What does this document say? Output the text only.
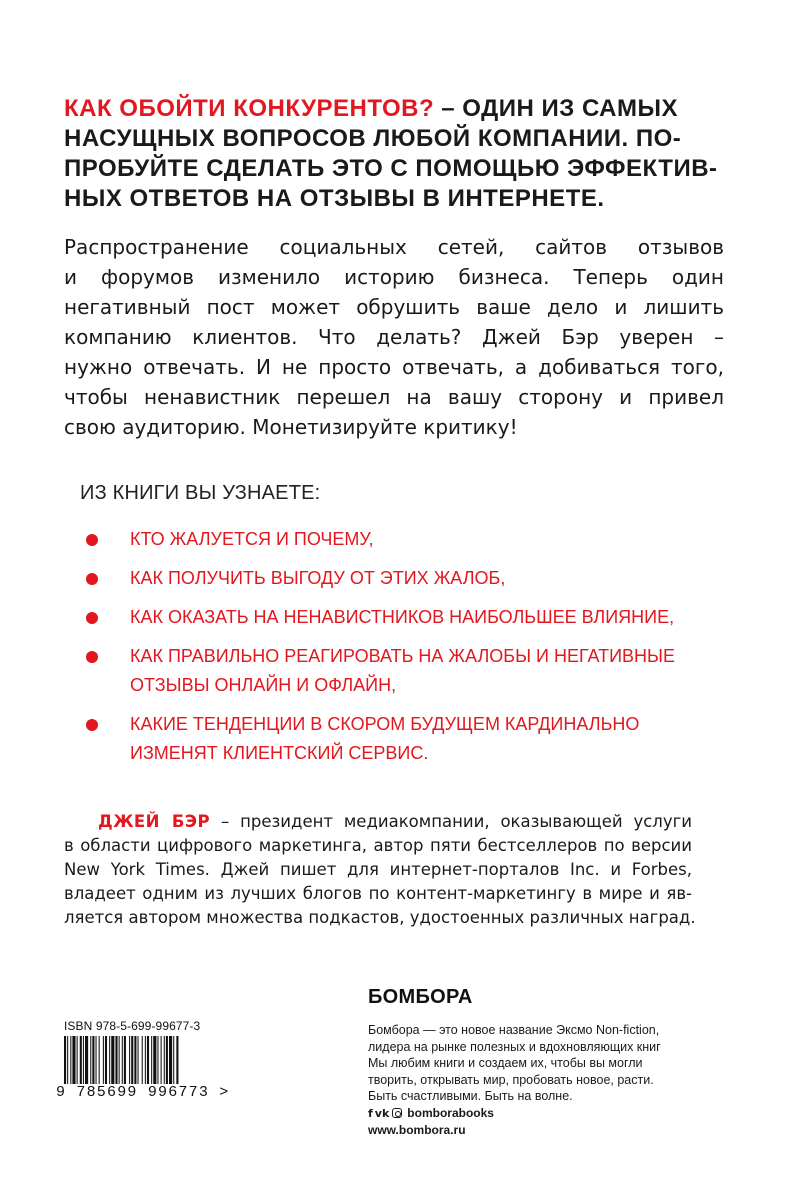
КАК ОБОЙТИ КОНКУРЕНТОВ? – ОДИН ИЗ САМЫХ
НАСУЩНЫХ ВОПРОСОВ ЛЮБОЙ КОМПАНИИ. ПО-
ПРОБУЙТЕ СДЕЛАТЬ ЭТО С ПОМОЩЬЮ ЭФФЕКТИВ-
НЫХ ОТВЕТОВ НА ОТЗЫВЫ В ИНТЕРНЕТЕ.
Распространение социальных сетей, сайтов отзывов
и форумов изменило историю бизнеса. Теперь один
негативный пост может обрушить ваше дело и лишить
компанию клиентов. Что делать? Джей Бэр уверен –
нужно отвечать. И не просто отвечать, а добиваться того,
чтобы ненавистник перешел на вашу сторону и привел
свою аудиторию. Монетизируйте критику!
ИЗ КНИГИ ВЫ УЗНАЕТЕ:
КТО ЖАЛУЕТСЯ И ПОЧЕМУ,
КАК ПОЛУЧИТЬ ВЫГОДУ ОТ ЭТИХ ЖАЛОБ,
КАК ОКАЗАТЬ НА НЕНАВИСТНИКОВ НАИБОЛЬШЕЕ ВЛИЯНИЕ,
КАК ПРАВИЛЬНО РЕАГИРОВАТЬ НА ЖАЛОБЫ И НЕГАТИВНЫЕ
ОТЗЫВЫ ОНЛАЙН И ОФЛАЙН,
КАКИЕ ТЕНДЕНЦИИ В СКОРОМ БУДУЩЕМ КАРДИНАЛЬНО
ИЗМЕНЯТ КЛИЕНТСКИЙ СЕРВИС.
ДЖЕЙ БЭР – президент медиакомпании, оказывающей услуги
в области цифрового маркетинга, автор пяти бестселлеров по версии
New York Times. Джей пишет для интернет-порталов Inc. и Forbes,
владеет одним из лучших блогов по контент-маркетингу в мире и яв-
ляется автором множества подкастов, удостоенных различных наград.
ISBN 978-5-699-99677-3
9 785699 996773 >
БОМБОРА
Бомбора — это новое название Эксмо Non-fiction,
лидера на рынке полезных и вдохновляющих книг
Мы любим книги и создаем их, чтобы вы могли
творить, открывать мир, пробовать новое, расти.
Быть счастливыми. Быть на волне.
f vk bomborabooks
www.bombora.ru
